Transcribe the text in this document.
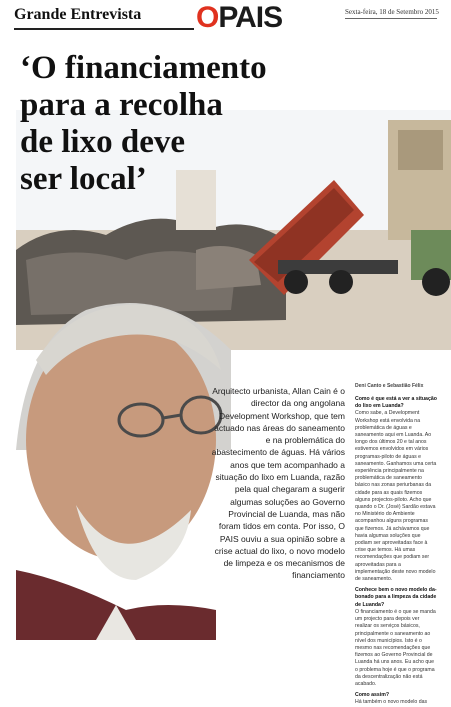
Grande Entrevista OPAIS	Sexta-feira, 18 de Setembro 2015
‘O financiamento
para a recolha
de lixo deve
ser local’
Arquitecto urbanista, Allan Cain é o director da ong angolana Development Workshop, que tem actuado nas áreas do saneamento e na problemática do abastecimento de águas. Há vários anos que tem acompanhado a situação do lixo em Luanda, razão pela qual chegaram a sugerir algumas soluções ao Governo Provincial de Luanda, mas não foram tidos em conta. Por isso, O PAIS ouviu a sua opinião sobre a crise actual do lixo, o novo modelo de limpeza e os mecanismos de financiamento
Deni Canto e Sebastião Félix
Como é que está a ver a situação do lixo em Luanda?
Como sabe, a Development Workshop está envolvida na problemática de águas e saneamento aqui em Luanda. Ao longo dos últimos 20 e tal anos estivemos envolvidos em vários programas-piloto de águas e saneamento. Ganhamos uma certa experiência principalmente na problemática de saneamento básico nas zonas periurbanas da cidade para as quais fizemos alguns projectos-piloto. Acho que quando o Dr. (José) Sardão estava no Ministério do Ambiente acompanhou alguns programas que fizemos. Já achávamos que havia algumas soluções que podiam ser aproveitadas face à crise que temos. Há umas recomendações que podiam ser aproveitadas para a implementação deste novo modelo de saneamento.
Conhece bem o novo modelo da-bonado para a limpeza da cidade de Luanda?
O financiamento é o que se manda um projecto para depois ver realizar os serviços básicos, principalmente o saneamento ao nível dos municípios. Isto é o mesmo nas recomendações que fizemos ao Governo Provincial de Luanda há uns anos. Eu acho que o problema hoje é que o programa da descentralização não está acabado.
Como assim?
Há também o novo modelo das
